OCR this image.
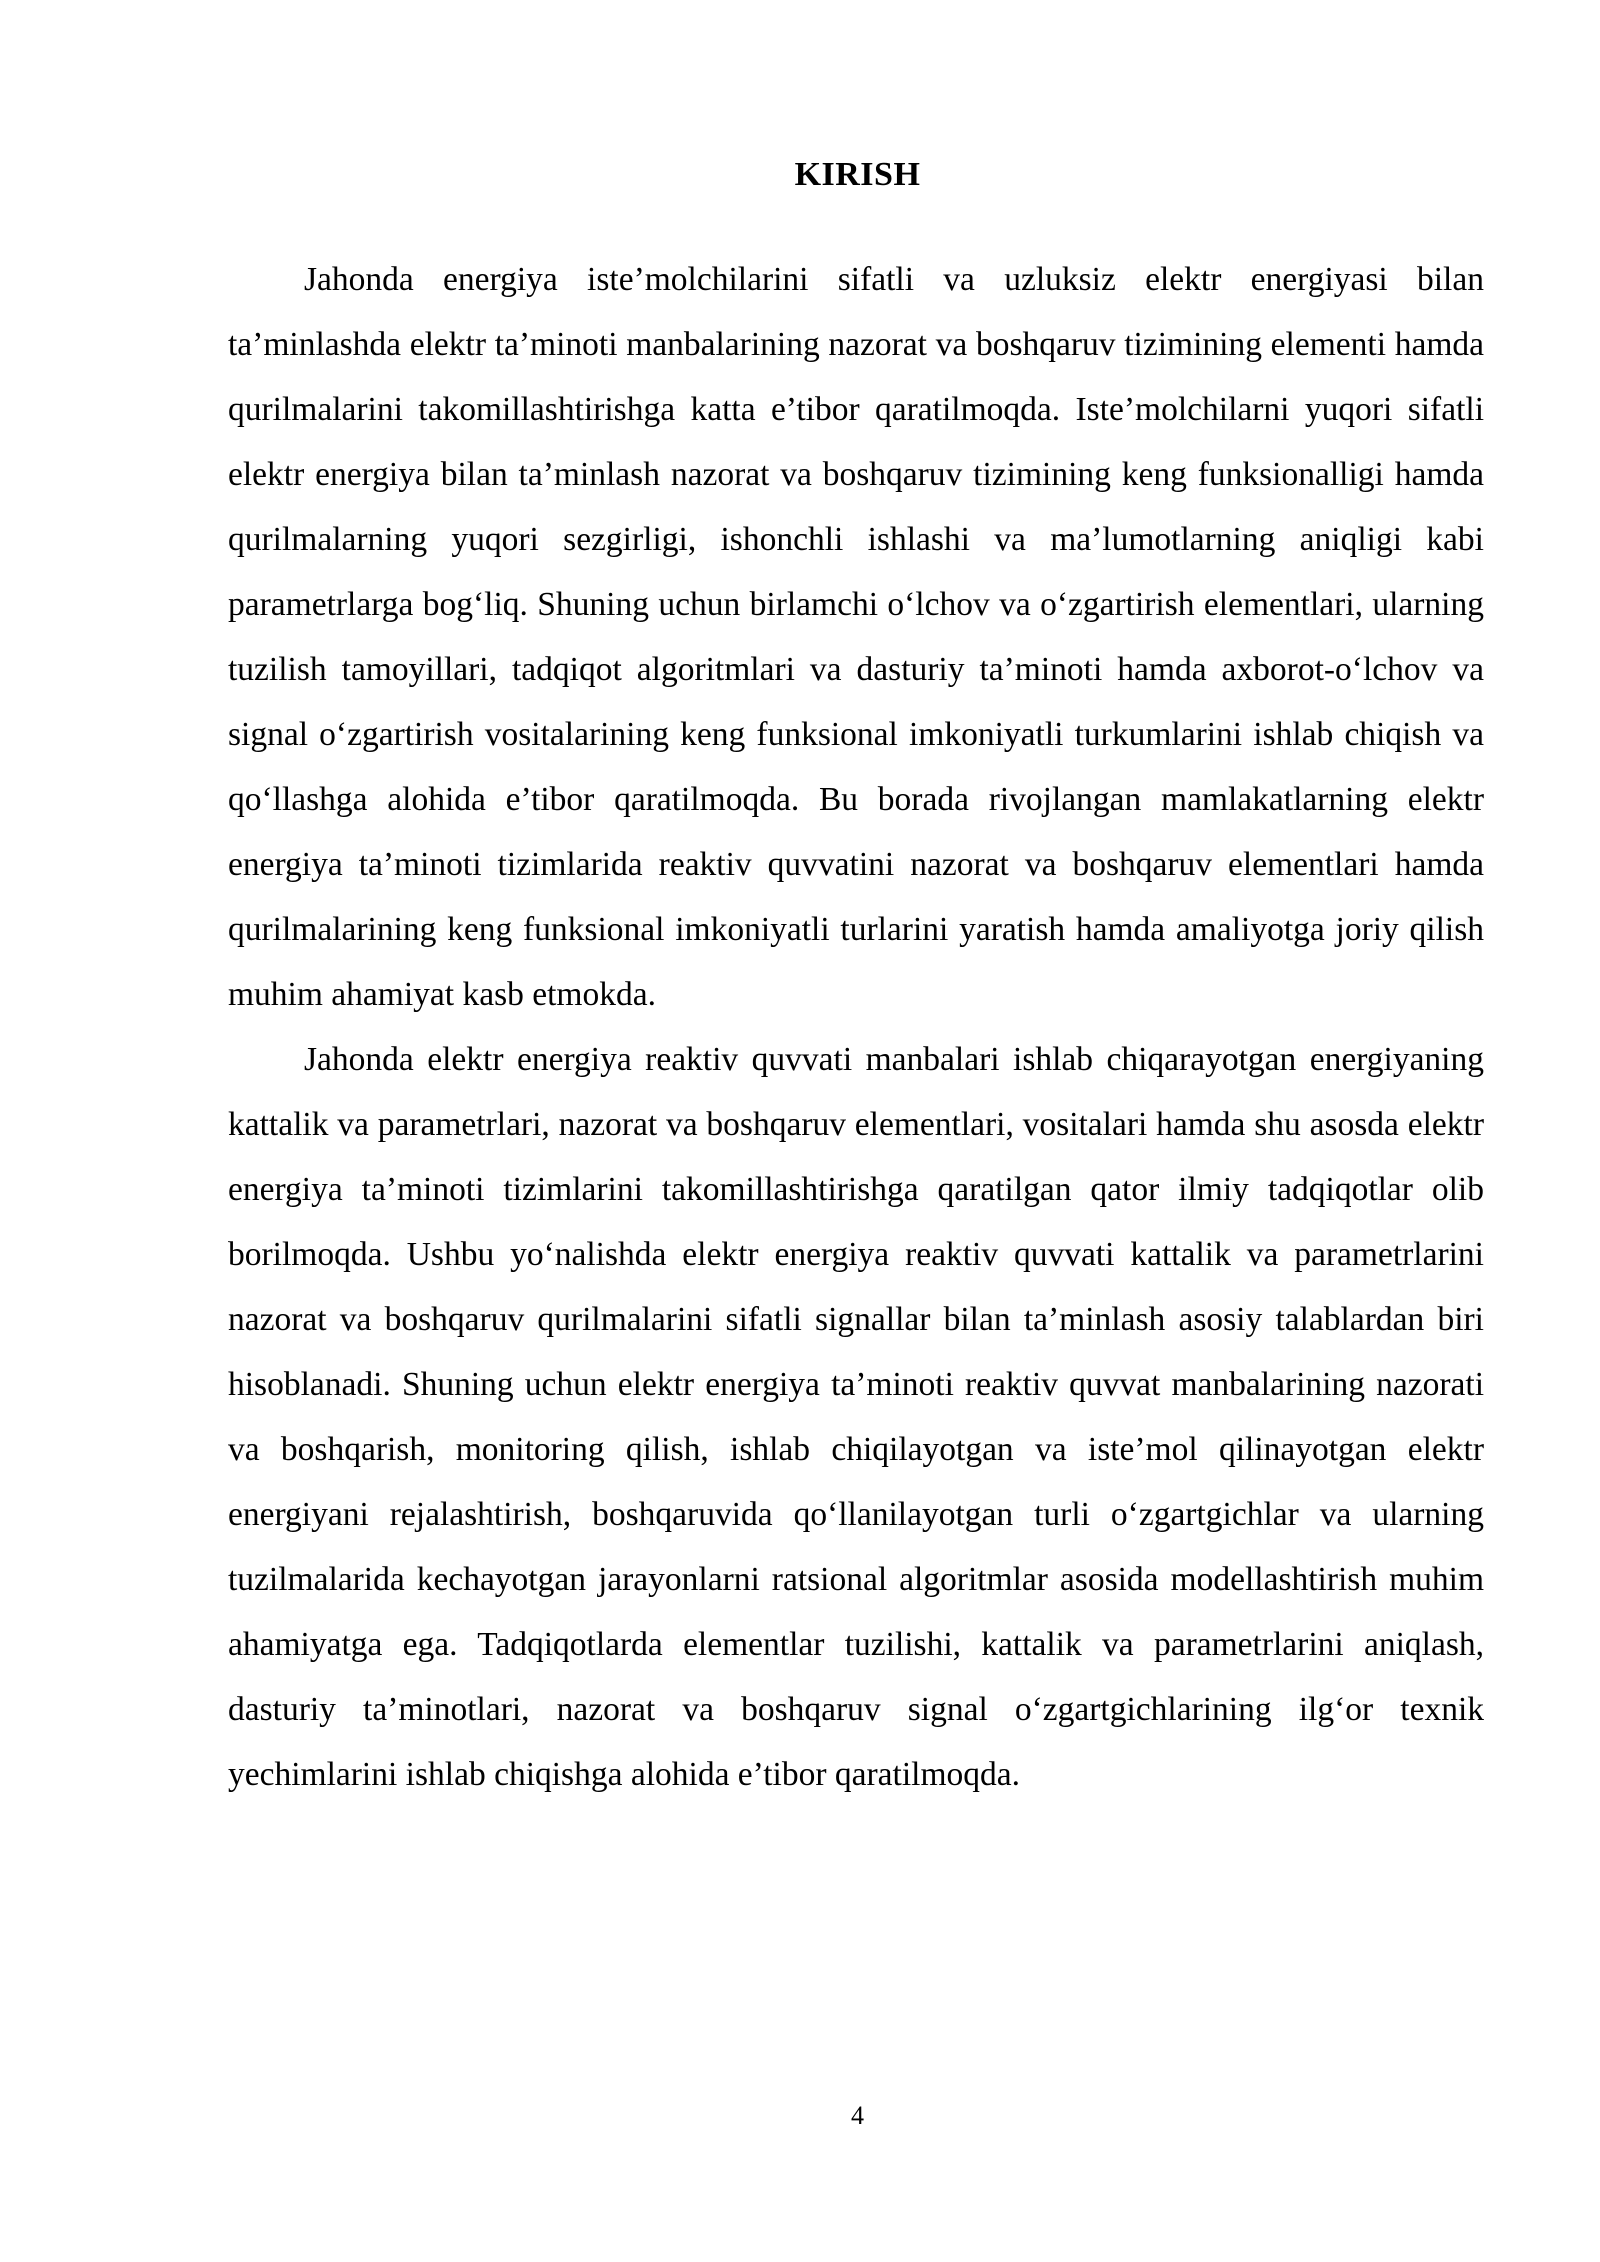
KIRISH

Jahonda energiya iste’molchilarini sifatli va uzluksiz elektr energiyasi bilan ta’minlashda elektr ta’minoti manbalarining nazorat va boshqaruv tizimining elementi hamda qurilmalarini takomillashtirishga katta e’tibor qaratilmoqda. Iste’molchilarni yuqori sifatli elektr energiya bilan ta’minlash nazorat va boshqaruv tizimining keng funksionalligi hamda qurilmalarning yuqori sezgirligi, ishonchli ishlashi va ma’lumotlarning aniqligi kabi parametrlarga bog‘liq. Shuning uchun birlamchi o‘lchov va o‘zgartirish elementlari, ularning tuzilish tamoyillari, tadqiqot algoritmlari va dasturiy ta’minoti hamda axborot-o‘lchov va signal o‘zgartirish vositalarining keng funksional imkoniyatli turkumlarini ishlab chiqish va qo‘llashga alohida e’tibor qaratilmoqda. Bu borada rivojlangan mamlakatlarning elektr energiya ta’minoti tizimlarida reaktiv quvvatini nazorat va boshqaruv elementlari hamda qurilmalarining keng funksional imkoniyatli turlarini yaratish hamda amaliyotga joriy qilish muhim ahamiyat kasb etmokda.

Jahonda elektr energiya reaktiv quvvati manbalari ishlab chiqarayotgan energiyaning kattalik va parametrlari, nazorat va boshqaruv elementlari, vositalari hamda shu asosda elektr energiya ta’minoti tizimlarini takomillashtirishga qaratilgan qator ilmiy tadqiqotlar olib borilmoqda. Ushbu yo‘nalishda elektr energiya reaktiv quvvati kattalik va parametrlarini nazorat va boshqaruv qurilmalarini sifatli signallar bilan ta’minlash asosiy talablardan biri hisoblanadi. Shuning uchun elektr energiya ta’minoti reaktiv quvvat manbalarining nazorati va boshqarish, monitoring qilish, ishlab chiqilayotgan va iste’mol qilinayotgan elektr energiyani rejalashtirish, boshqaruvida qo‘llanilayotgan turli o‘zgartgichlar va ularning tuzilmalarida kechayotgan jarayonlarni ratsional algoritmlar asosida modellashtirish muhim ahamiyatga ega. Tadqiqotlarda elementlar tuzilishi, kattalik va parametrlarini aniqlash, dasturiy ta’minotlari, nazorat va boshqaruv signal o‘zgartgichlarining ilg‘or texnik yechimlarini ishlab chiqishga alohida e’tibor qaratilmoqda.

4
